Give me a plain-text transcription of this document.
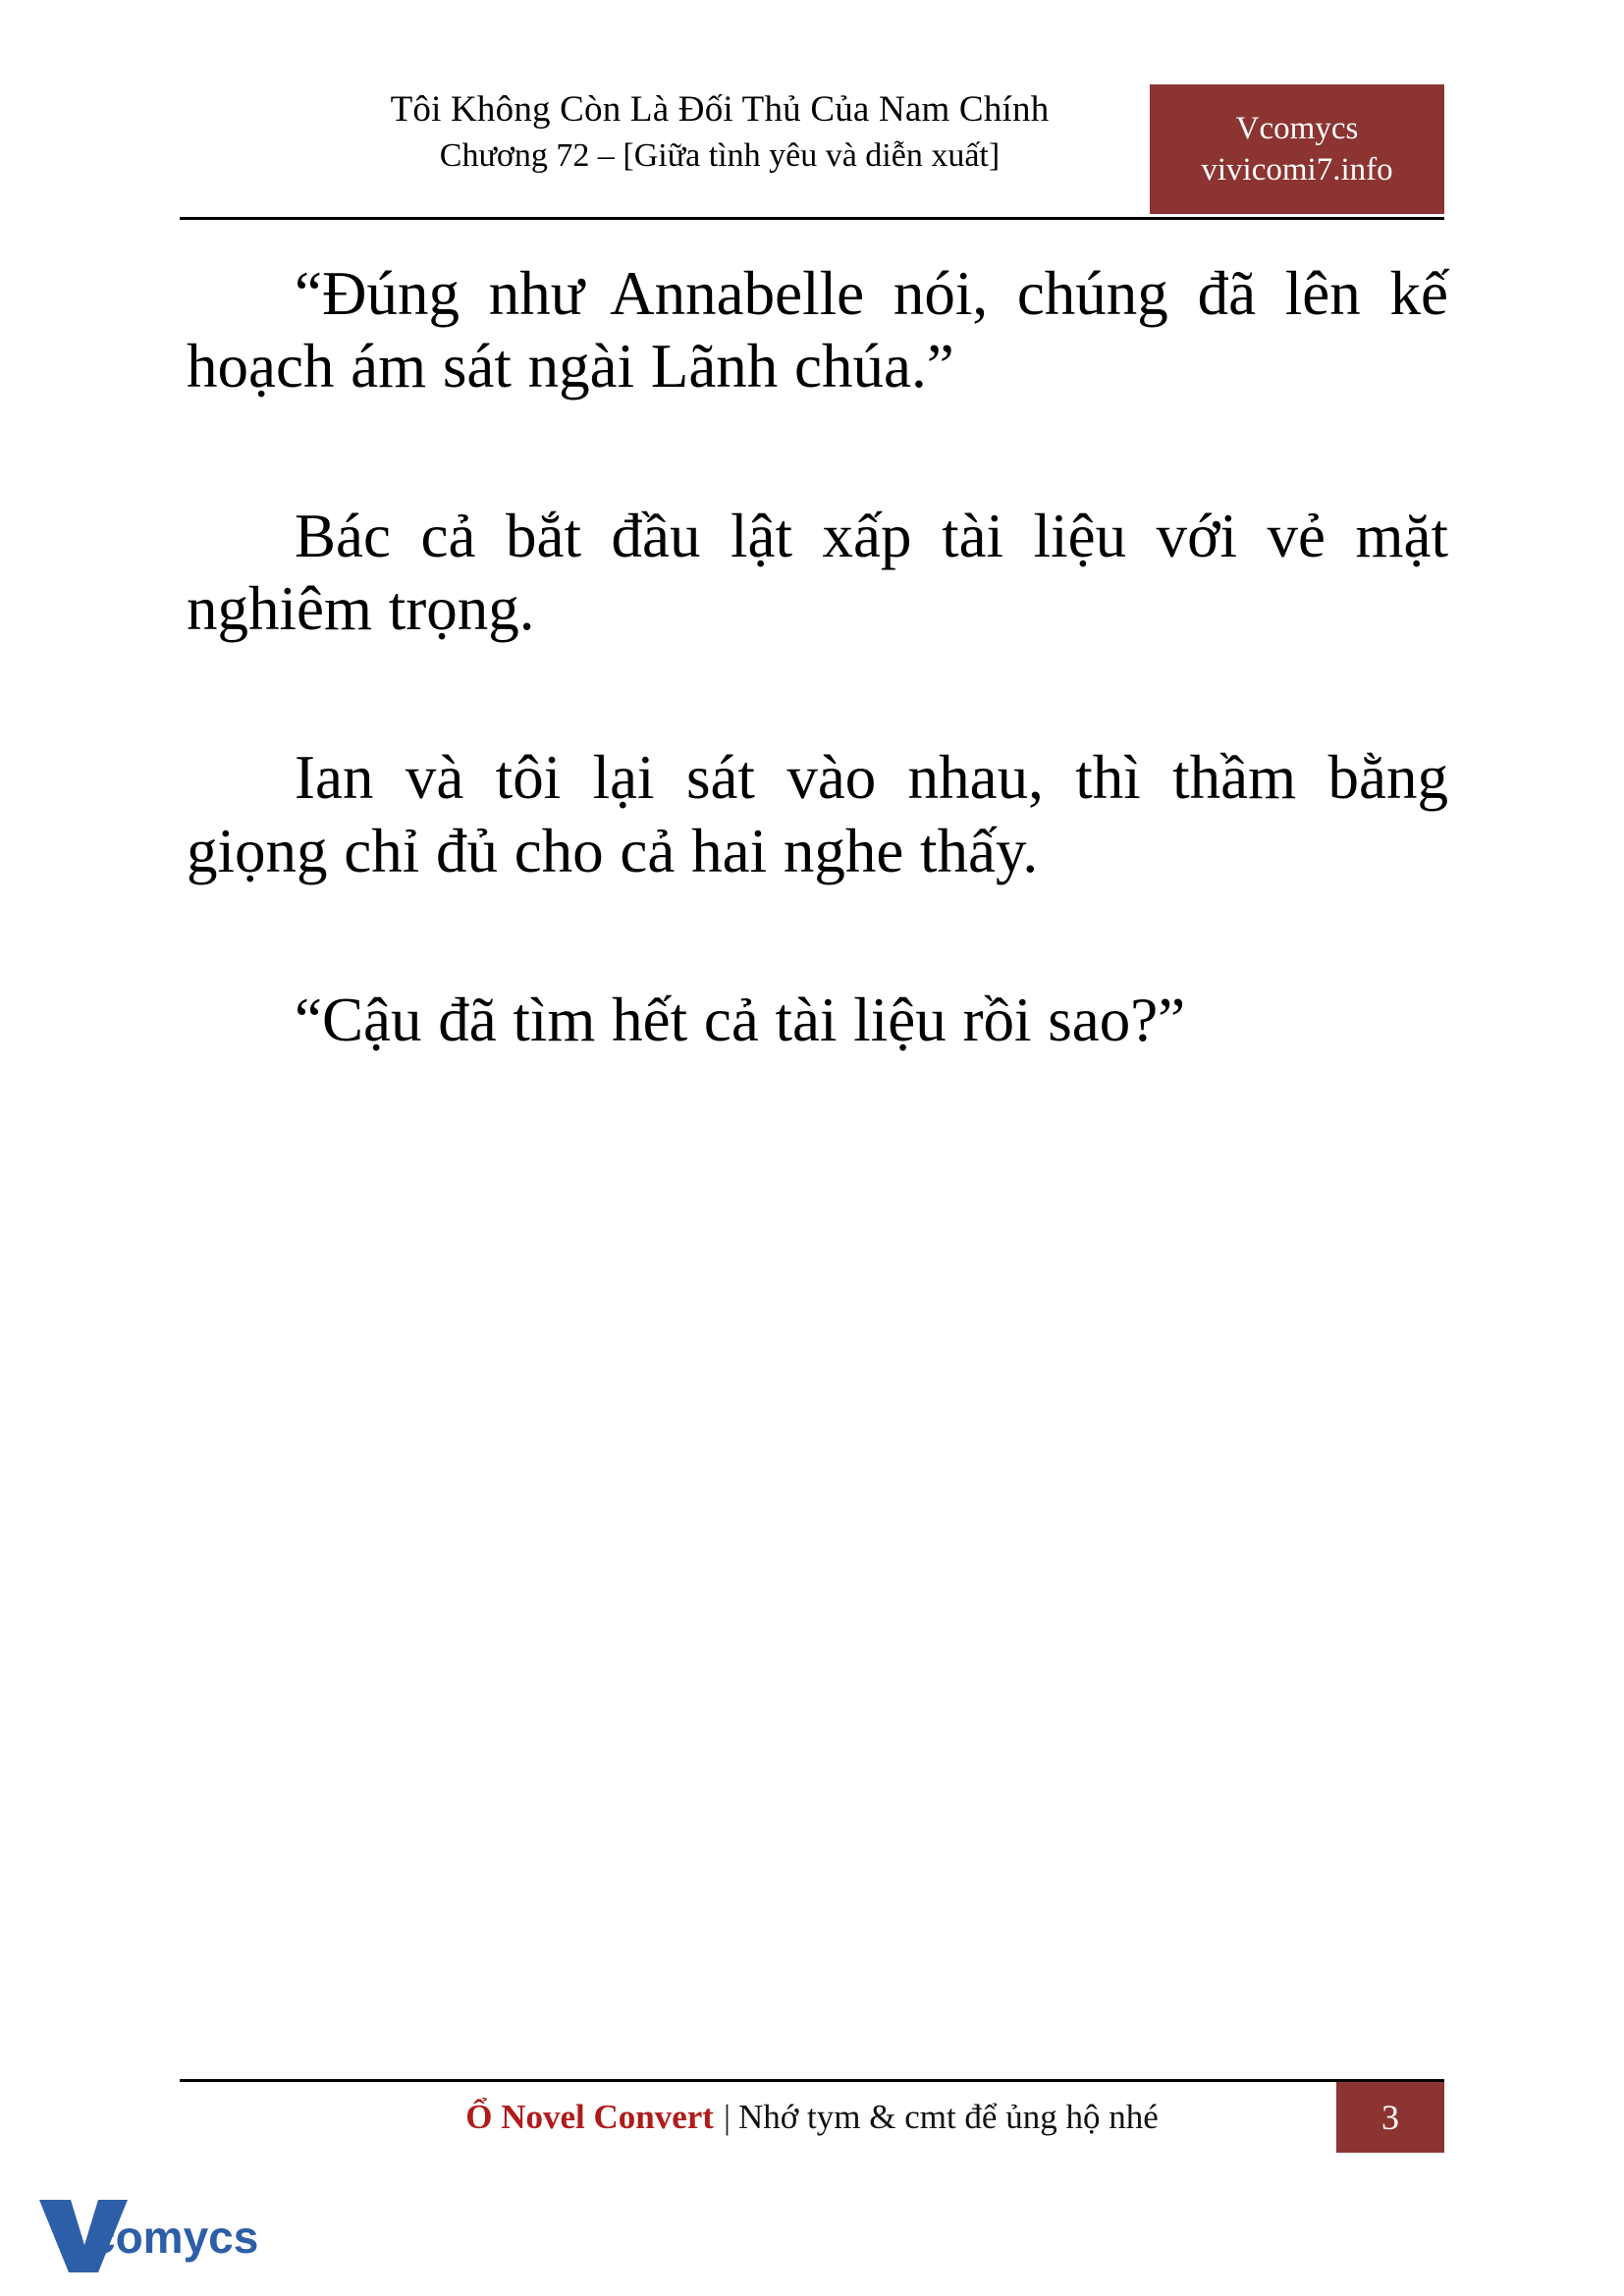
Tôi Không Còn Là Đối Thủ Của Nam Chính
Chương 72 – [Giữa tình yêu và diễn xuất]
Vcomycs
vivicomi7.info

“Đúng như Annabelle nói, chúng đã lên kế hoạch ám sát ngài Lãnh chúa.”

Bác cả bắt đầu lật xấp tài liệu với vẻ mặt nghiêm trọng.

Ian và tôi lại sát vào nhau, thì thầm bằng giọng chỉ đủ cho cả hai nghe thấy.

“Cậu đã tìm hết cả tài liệu rồi sao?”

Ổ Novel Convert | Nhớ tym & cmt để ủng hộ nhé	3
comycs
